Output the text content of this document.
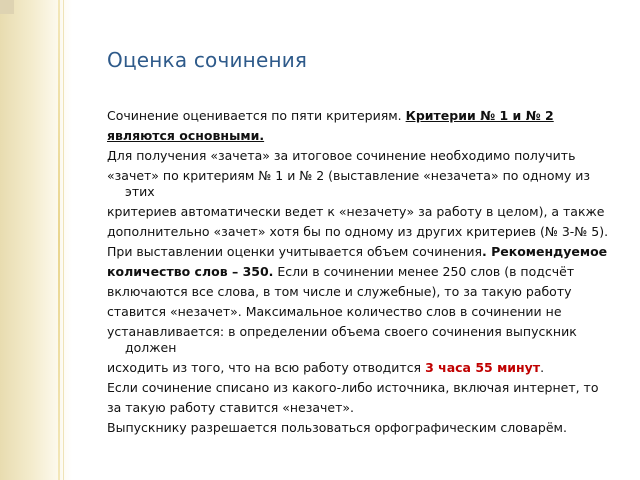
Оценка сочинения
Сочинение оценивается по пяти критериям. Критерии № 1 и № 2
являются основными.
Для получения «зачета» за итоговое сочинение необходимо получить
«зачет» по критериям № 1 и № 2 (выставление «незачета» по одному из
этих
критериев автоматически ведет к «незачету» за работу в целом), а также
дополнительно «зачет» хотя бы по одному из других критериев (№ 3-№ 5).
При выставлении оценки учитывается объем сочинения. Рекомендуемое
количество слов – 350. Если в сочинении менее 250 слов (в подсчёт
включаются все слова, в том числе и служебные), то за такую работу
ставится «незачет». Максимальное количество слов в сочинении не
устанавливается: в определении объема своего сочинения выпускник
должен
исходить из того, что на всю работу отводится 3 часа 55 минут.
Если сочинение списано из какого-либо источника, включая интернет, то
за такую работу ставится «незачет».
Выпускнику разрешается пользоваться орфографическим словарём.
